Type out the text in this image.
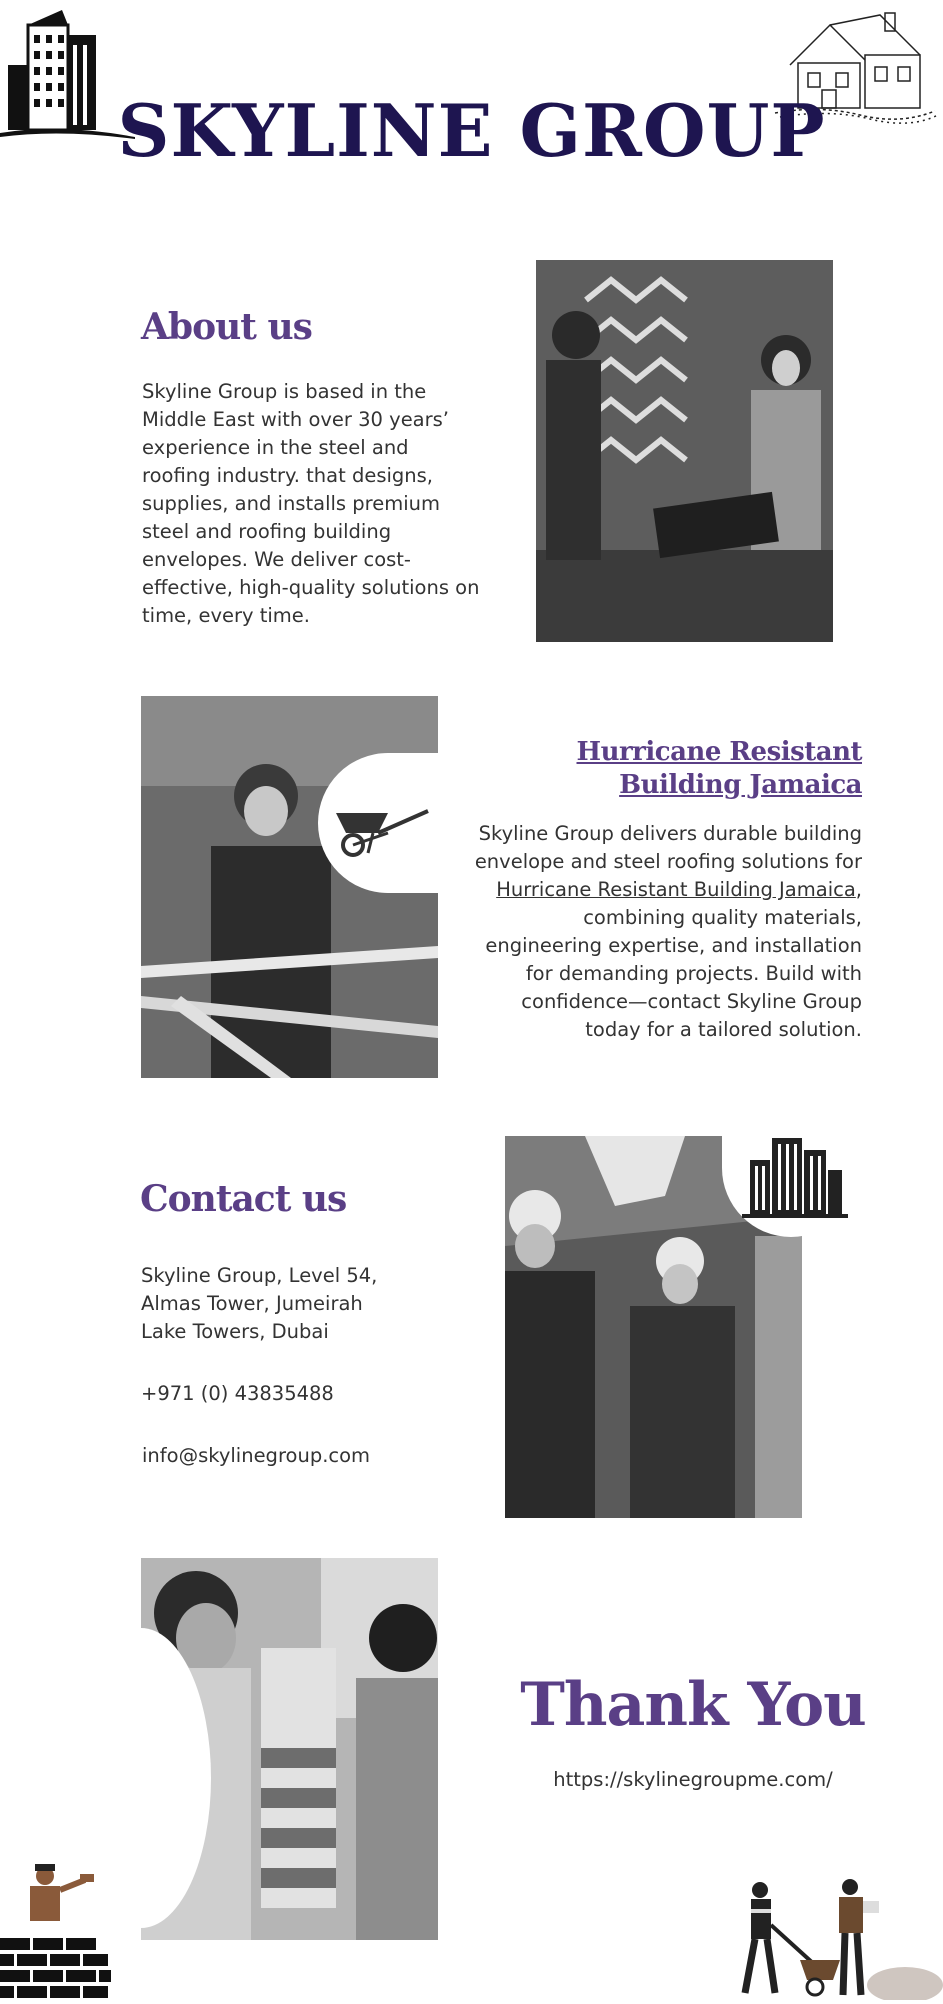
SKYLINE GROUP
About us
Skyline Group is based in the Middle East with over 30 years’ experience in the steel and roofing industry. that designs, supplies, and installs premium steel and roofing building envelopes. We deliver cost-effective, high-quality solutions on time, every time.
Hurricane Resistant Building Jamaica
Skyline Group delivers durable building envelope and steel roofing solutions for Hurricane Resistant Building Jamaica, combining quality materials, engineering expertise, and installation for demanding projects. Build with confidence—contact Skyline Group today for a tailored solution.
Contact us
Skyline Group, Level 54, Almas Tower, Jumeirah Lake Towers, Dubai
+971 (0) 43835488
info@skylinegroup.com
Thank You
https://skylinegroupme.com/
